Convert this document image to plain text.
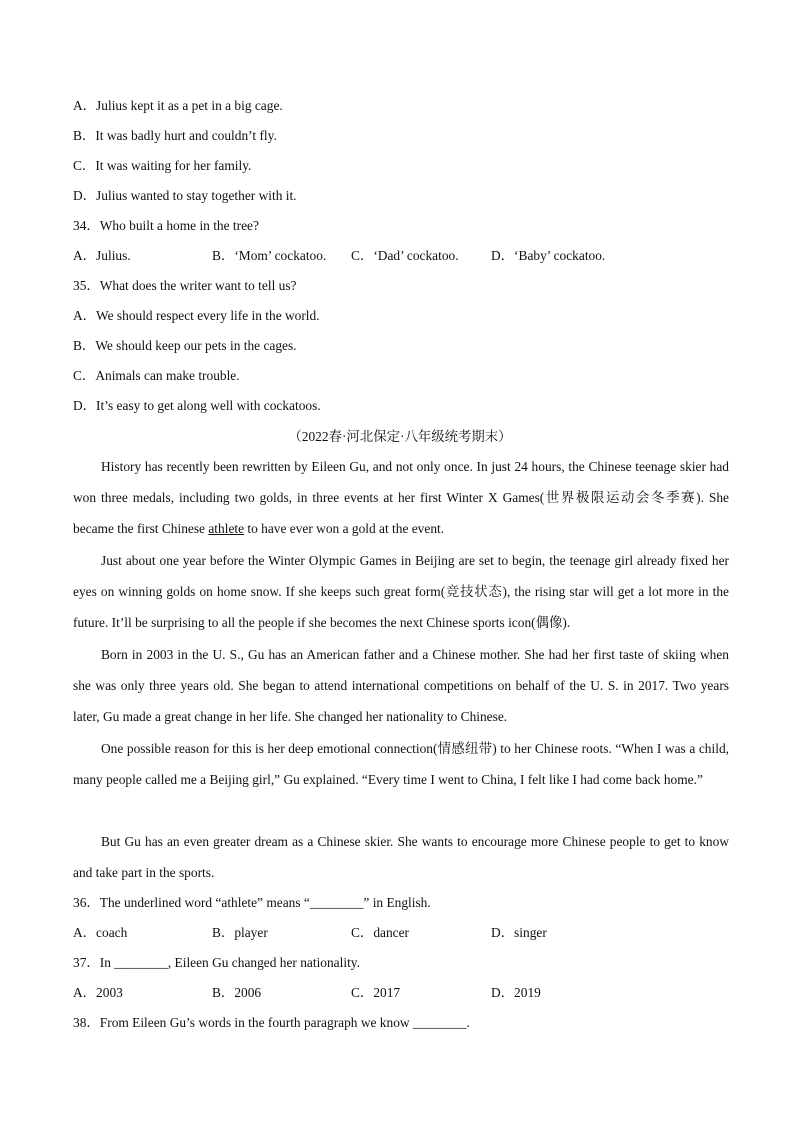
A．Julius kept it as a pet in a big cage.
B．It was badly hurt and couldn’t fly.
C．It was waiting for her family.
D．Julius wanted to stay together with it.
34．Who built a home in the tree?
A．Julius.	B．‘Mom’ cockatoo. C．‘Dad’ cockatoo. D．‘Baby’ cockatoo.
35．What does the writer want to tell us?
A．We should respect every life in the world.
B．We should keep our pets in the cages.
C．Animals can make trouble.
D．It’s easy to get along well with cockatoos.
（2022春·河北保定·八年级统考期末）
History has recently been rewritten by Eileen Gu, and not only once. In just 24 hours, the Chinese teenage skier had won three medals, including two golds, in three events at her first Winter X Games(世界极限运动会冬季赛). She became the first Chinese athlete to have ever won a gold at the event.
Just about one year before the Winter Olympic Games in Beijing are set to begin, the teenage girl already fixed her eyes on winning golds on home snow. If she keeps such great form(竞技状态), the rising star will get a lot more in the future. It’ll be surprising to all the people if she becomes the next Chinese sports icon(偶像).
Born in 2003 in the U. S., Gu has an American father and a Chinese mother. She had her first taste of skiing when she was only three years old. She began to attend international competitions on behalf of the U. S. in 2017. Two years later, Gu made a great change in her life. She changed her nationality to Chinese.
One possible reason for this is her deep emotional connection(情感纽带) to her Chinese roots. “When I was a child, many people called me a Beijing girl,” Gu explained. “Every time I went to China, I felt like I had come back home.”
But Gu has an even greater dream as a Chinese skier. She wants to encourage more Chinese people to get to know and take part in the sports.
36．The underlined word “athlete” means “________” in English.
A．coach	B．player	C．dancer	D．singer
37．In ________, Eileen Gu changed her nationality.
A．2003	B．2006	C．2017	D．2019
38．From Eileen Gu’s words in the fourth paragraph we know ________.
